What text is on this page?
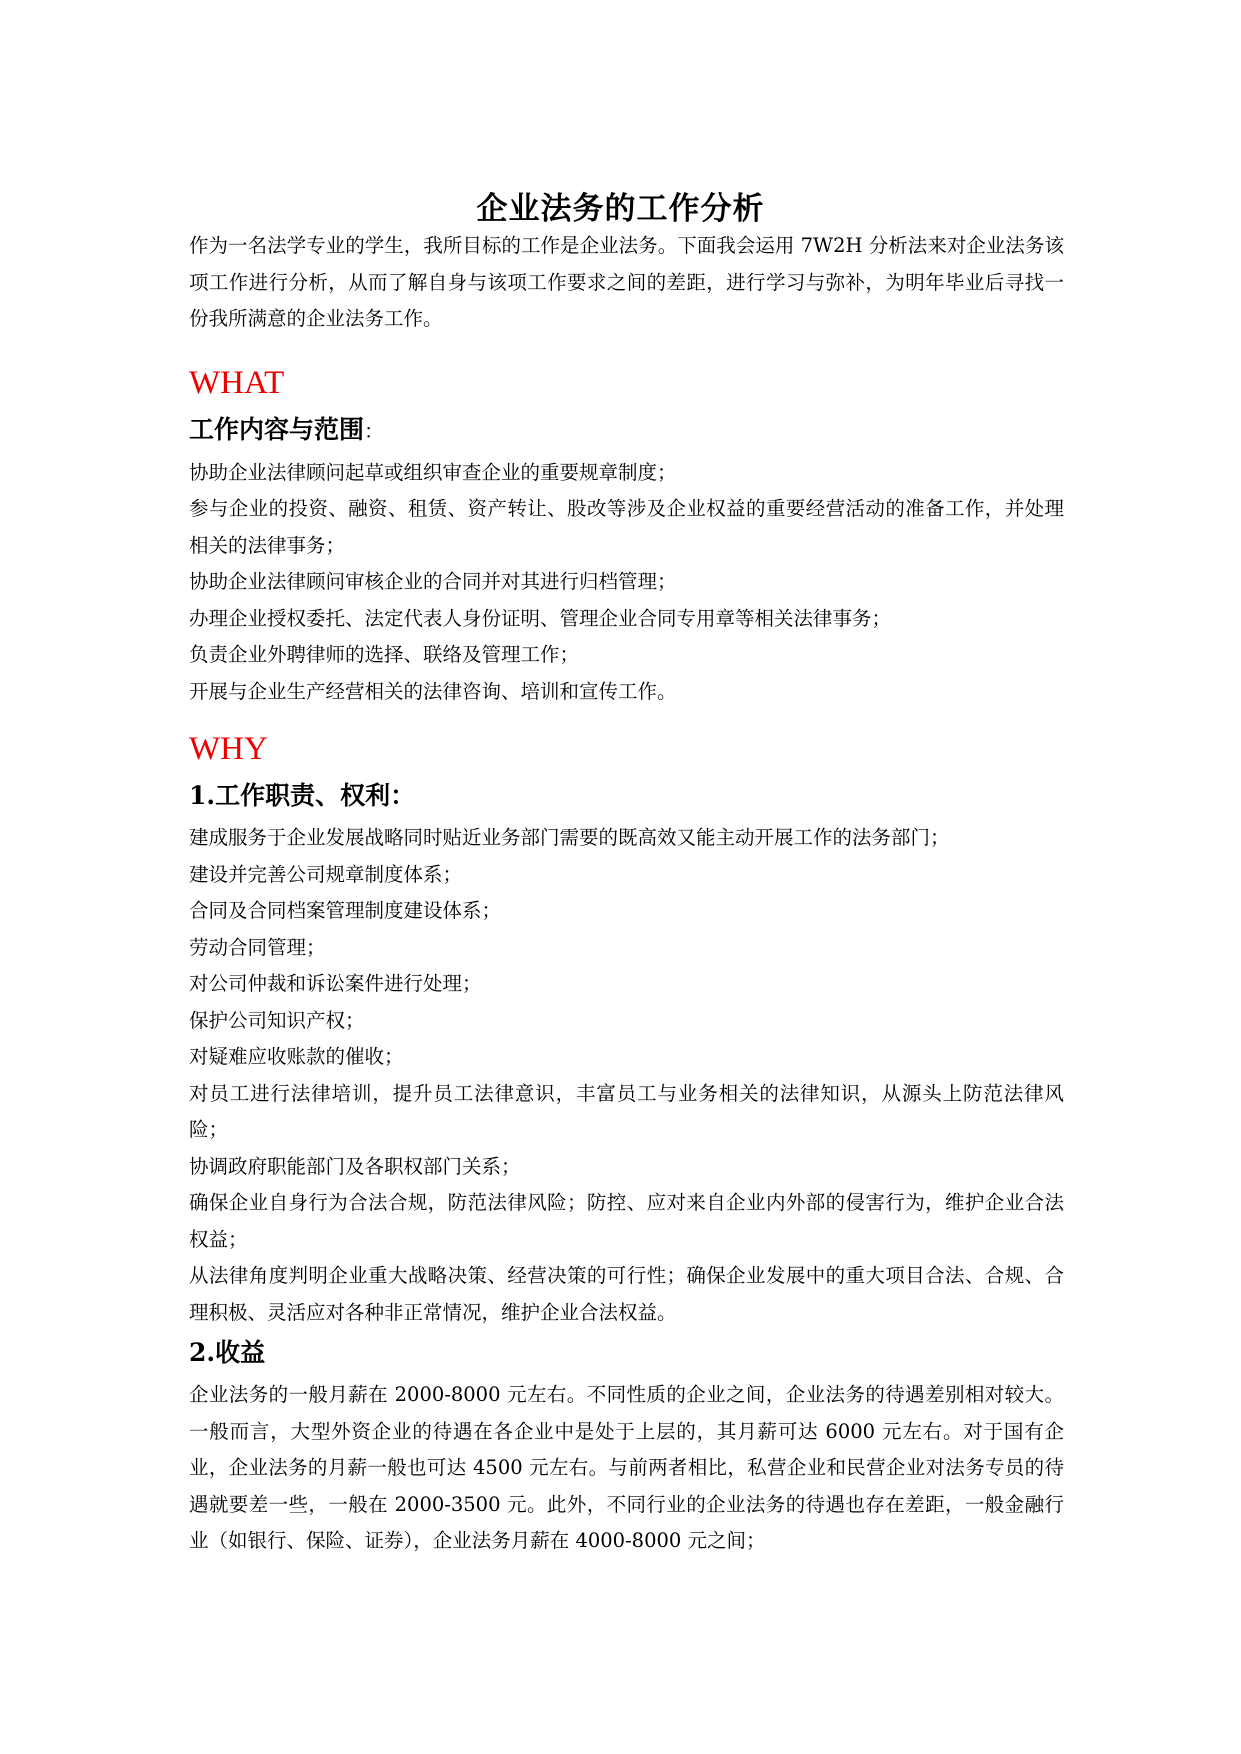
企业法务的工作分析

作为一名法学专业的学生，我所目标的工作是企业法务。下面我会运用 7W2H 分析法来对企业法务该项工作进行分析，从而了解自身与该项工作要求之间的差距，进行学习与弥补，为明年毕业后寻找一份我所满意的企业法务工作。

WHAT
工作内容与范围：

协助企业法律顾问起草或组织审查企业的重要规章制度；

参与企业的投资、融资、租赁、资产转让、股改等涉及企业权益的重要经营活动的准备工作，并处理相关的法律事务；

协助企业法律顾问审核企业的合同并对其进行归档管理；

办理企业授权委托、法定代表人身份证明、管理企业合同专用章等相关法律事务；

负责企业外聘律师的选择、联络及管理工作；

开展与企业生产经营相关的法律咨询、培训和宣传工作。

WHY
1.工作职责、权利：

建成服务于企业发展战略同时贴近业务部门需要的既高效又能主动开展工作的法务部门；

建设并完善公司规章制度体系；

合同及合同档案管理制度建设体系；

劳动合同管理；

对公司仲裁和诉讼案件进行处理；

保护公司知识产权；

对疑难应收账款的催收；

对员工进行法律培训，提升员工法律意识，丰富员工与业务相关的法律知识，从源头上防范法律风险；

协调政府职能部门及各职权部门关系；

确保企业自身行为合法合规，防范法律风险；防控、应对来自企业内外部的侵害行为，维护企业合法权益；

从法律角度判明企业重大战略决策、经营决策的可行性；确保企业发展中的重大项目合法、合规、合理积极、灵活应对各种非正常情况，维护企业合法权益。

2.收益

企业法务的一般月薪在 2000-8000 元左右。不同性质的企业之间，企业法务的待遇差别相对较大。一般而言，大型外资企业的待遇在各企业中是处于上层的，其月薪可达 6000 元左右。对于国有企业，企业法务的月薪一般也可达 4500 元左右。与前两者相比，私营企业和民营企业对法务专员的待遇就要差一些，一般在 2000-3500 元。此外，不同行业的企业法务的待遇也存在差距，一般金融行业（如银行、保险、证券），企业法务月薪在 4000-8000 元之间；
